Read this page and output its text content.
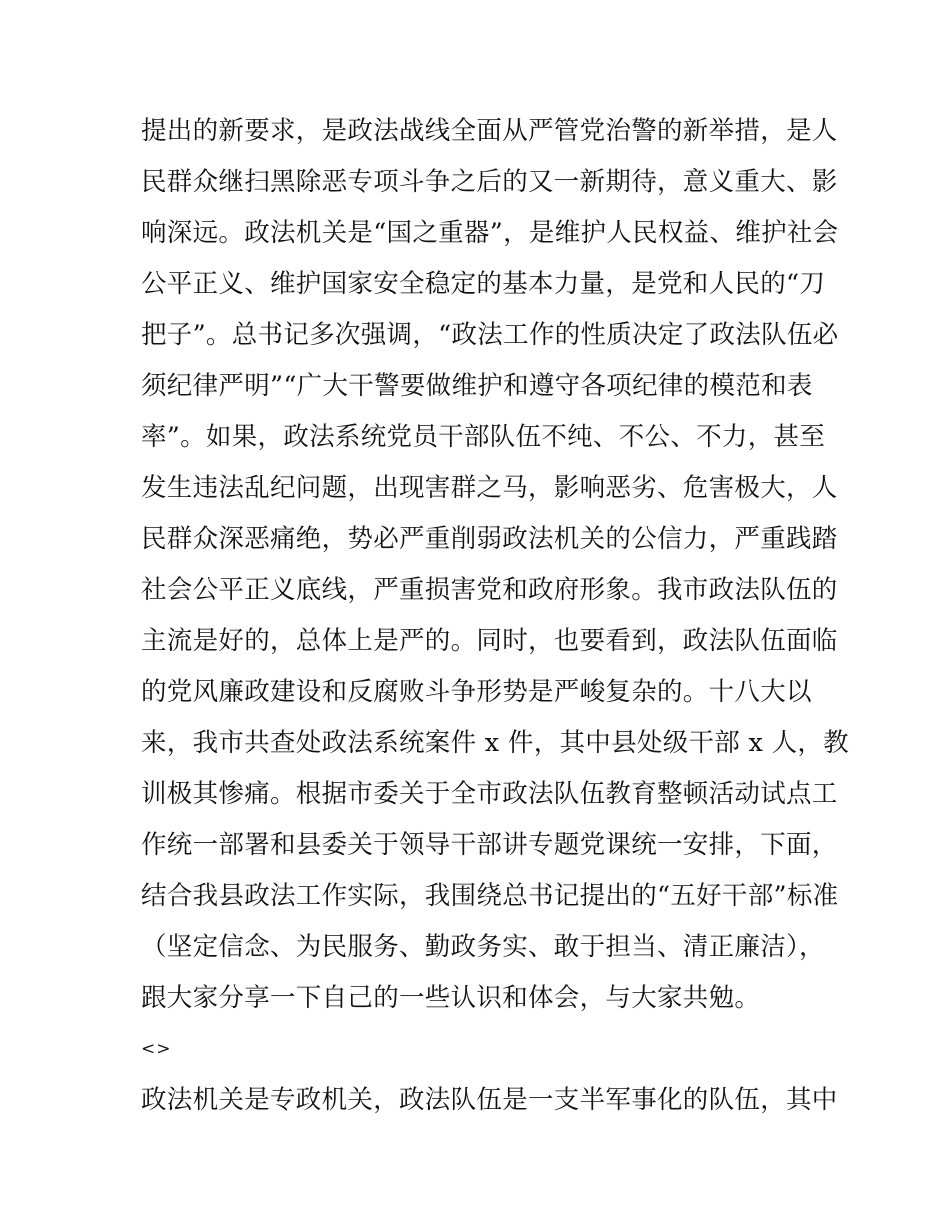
提出的新要求，是政法战线全面从严管党治警的新举措，是人
民群众继扫黑除恶专项斗争之后的又一新期待，意义重大、影
响深远。政法机关是“国之重器”，是维护人民权益、维护社会
公平正义、维护国家安全稳定的基本力量，是党和人民的“刀
把子”。总书记多次强调，“政法工作的性质决定了政法队伍必
须纪律严明”“广大干警要做维护和遵守各项纪律的模范和表
率”。如果，政法系统党员干部队伍不纯、不公、不力，甚至
发生违法乱纪问题，出现害群之马，影响恶劣、危害极大，人
民群众深恶痛绝，势必严重削弱政法机关的公信力，严重践踏
社会公平正义底线，严重损害党和政府形象。我市政法队伍的
主流是好的，总体上是严的。同时，也要看到，政法队伍面临
的党风廉政建设和反腐败斗争形势是严峻复杂的。十八大以
来，我市共查处政法系统案件 x 件，其中县处级干部 x 人，教
训极其惨痛。根据市委关于全市政法队伍教育整顿活动试点工
作统一部署和县委关于领导干部讲专题党课统一安排，下面，
结合我县政法工作实际，我围绕总书记提出的“五好干部”标准
（坚定信念、为民服务、勤政务实、敢于担当、清正廉洁），
跟大家分享一下自己的一些认识和体会，与大家共勉。
<>
政法机关是专政机关，政法队伍是一支半军事化的队伍，其中
